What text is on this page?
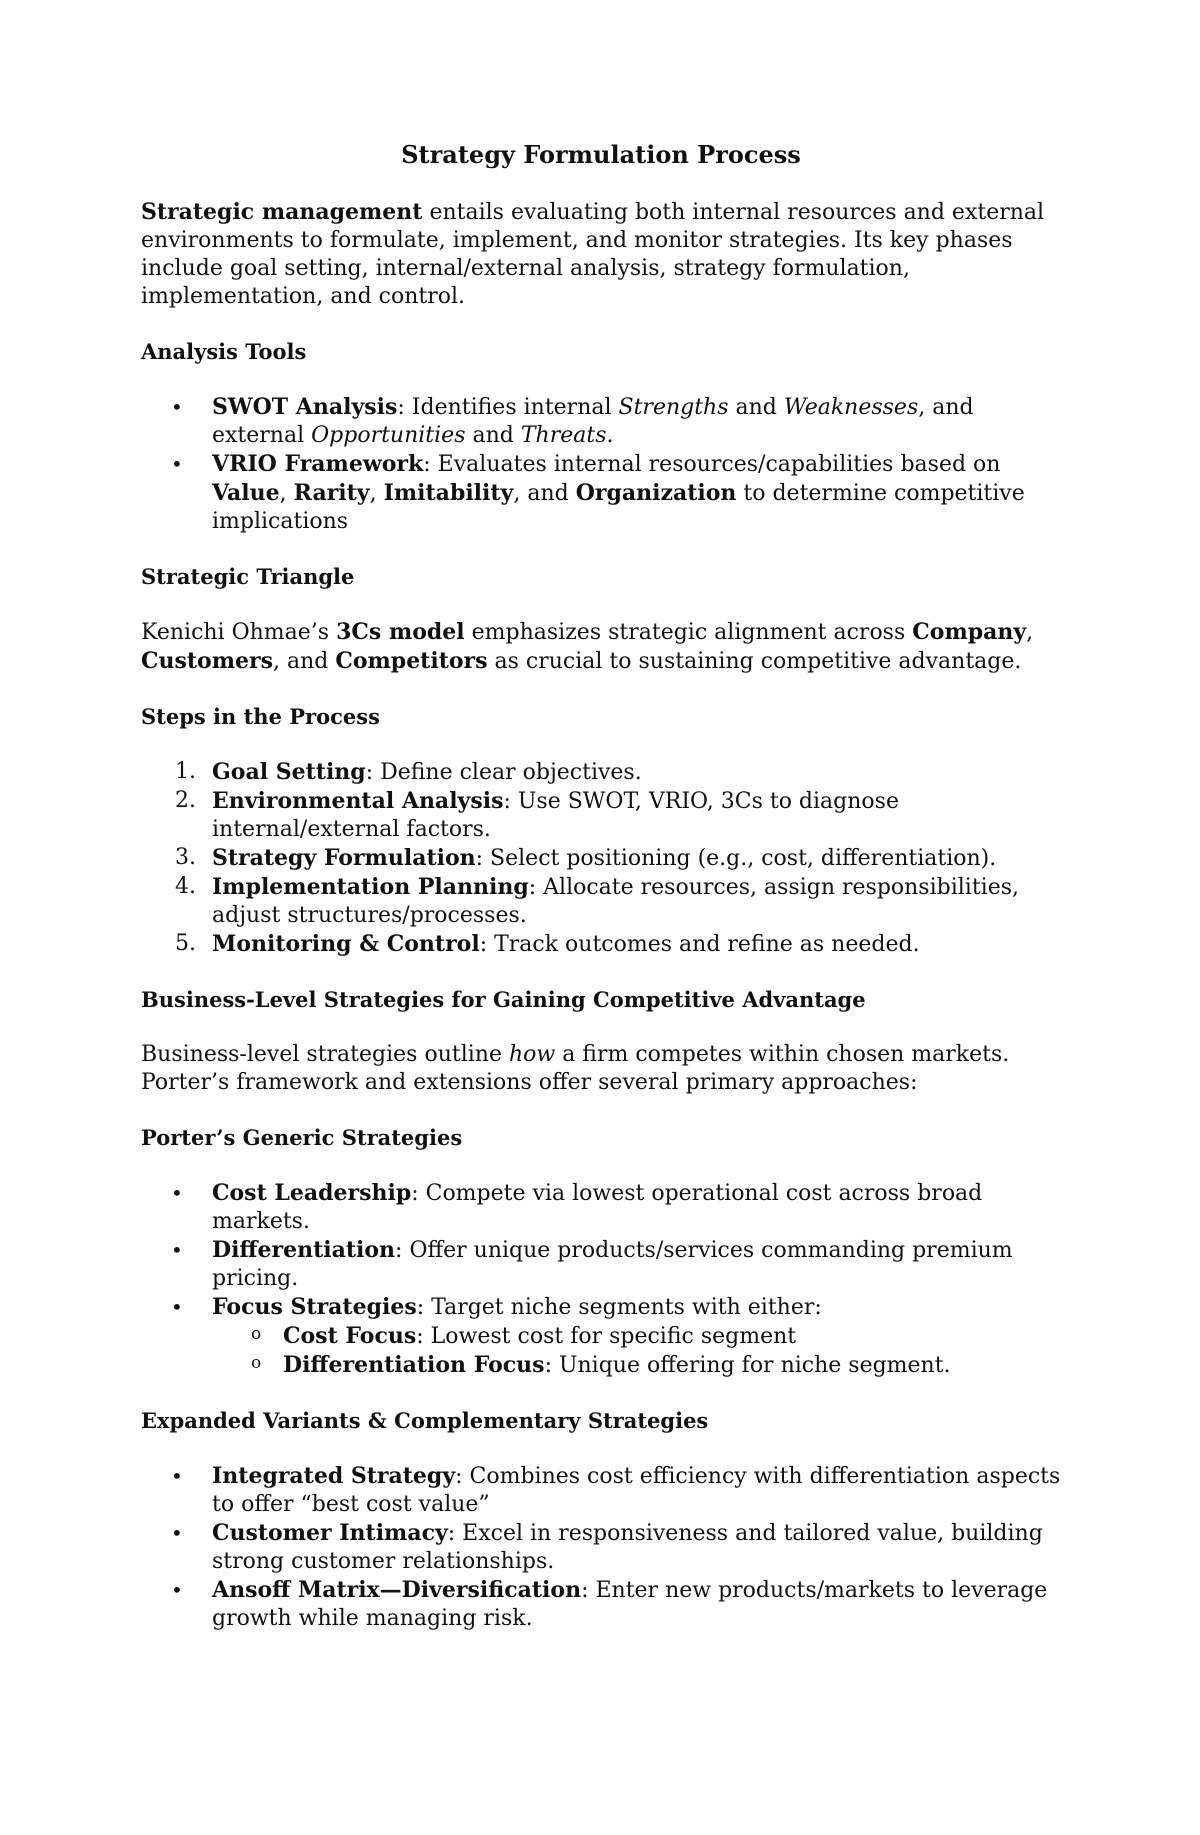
Strategy Formulation Process

Strategic management entails evaluating both internal resources and external environments to formulate, implement, and monitor strategies. Its key phases include goal setting, internal/external analysis, strategy formulation, implementation, and control.

Analysis Tools
• SWOT Analysis: Identifies internal Strengths and Weaknesses, and external Opportunities and Threats.
• VRIO Framework: Evaluates internal resources/capabilities based on Value, Rarity, Imitability, and Organization to determine competitive implications
Strategic Triangle

Kenichi Ohmae’s 3Cs model emphasizes strategic alignment across Company, Customers, and Competitors as crucial to sustaining competitive advantage.

Steps in the Process
1. Goal Setting: Define clear objectives.
2. Environmental Analysis: Use SWOT, VRIO, 3Cs to diagnose internal/external factors.
3. Strategy Formulation: Select positioning (e.g., cost, differentiation).
4. Implementation Planning: Allocate resources, assign responsibilities, adjust structures/processes.
5. Monitoring & Control: Track outcomes and refine as needed.
Business-Level Strategies for Gaining Competitive Advantage

Business-level strategies outline how a firm competes within chosen markets. Porter’s framework and extensions offer several primary approaches:

Porter’s Generic Strategies
• Cost Leadership: Compete via lowest operational cost across broad markets.
• Differentiation: Offer unique products/services commanding premium pricing.
• Focus Strategies: Target niche segments with either:
o Cost Focus: Lowest cost for specific segment
o Differentiation Focus: Unique offering for niche segment.
Expanded Variants & Complementary Strategies
• Integrated Strategy: Combines cost efficiency with differentiation aspects to offer “best cost value”
• Customer Intimacy: Excel in responsiveness and tailored value, building strong customer relationships.
• Ansoff Matrix—Diversification: Enter new products/markets to leverage growth while managing risk.
